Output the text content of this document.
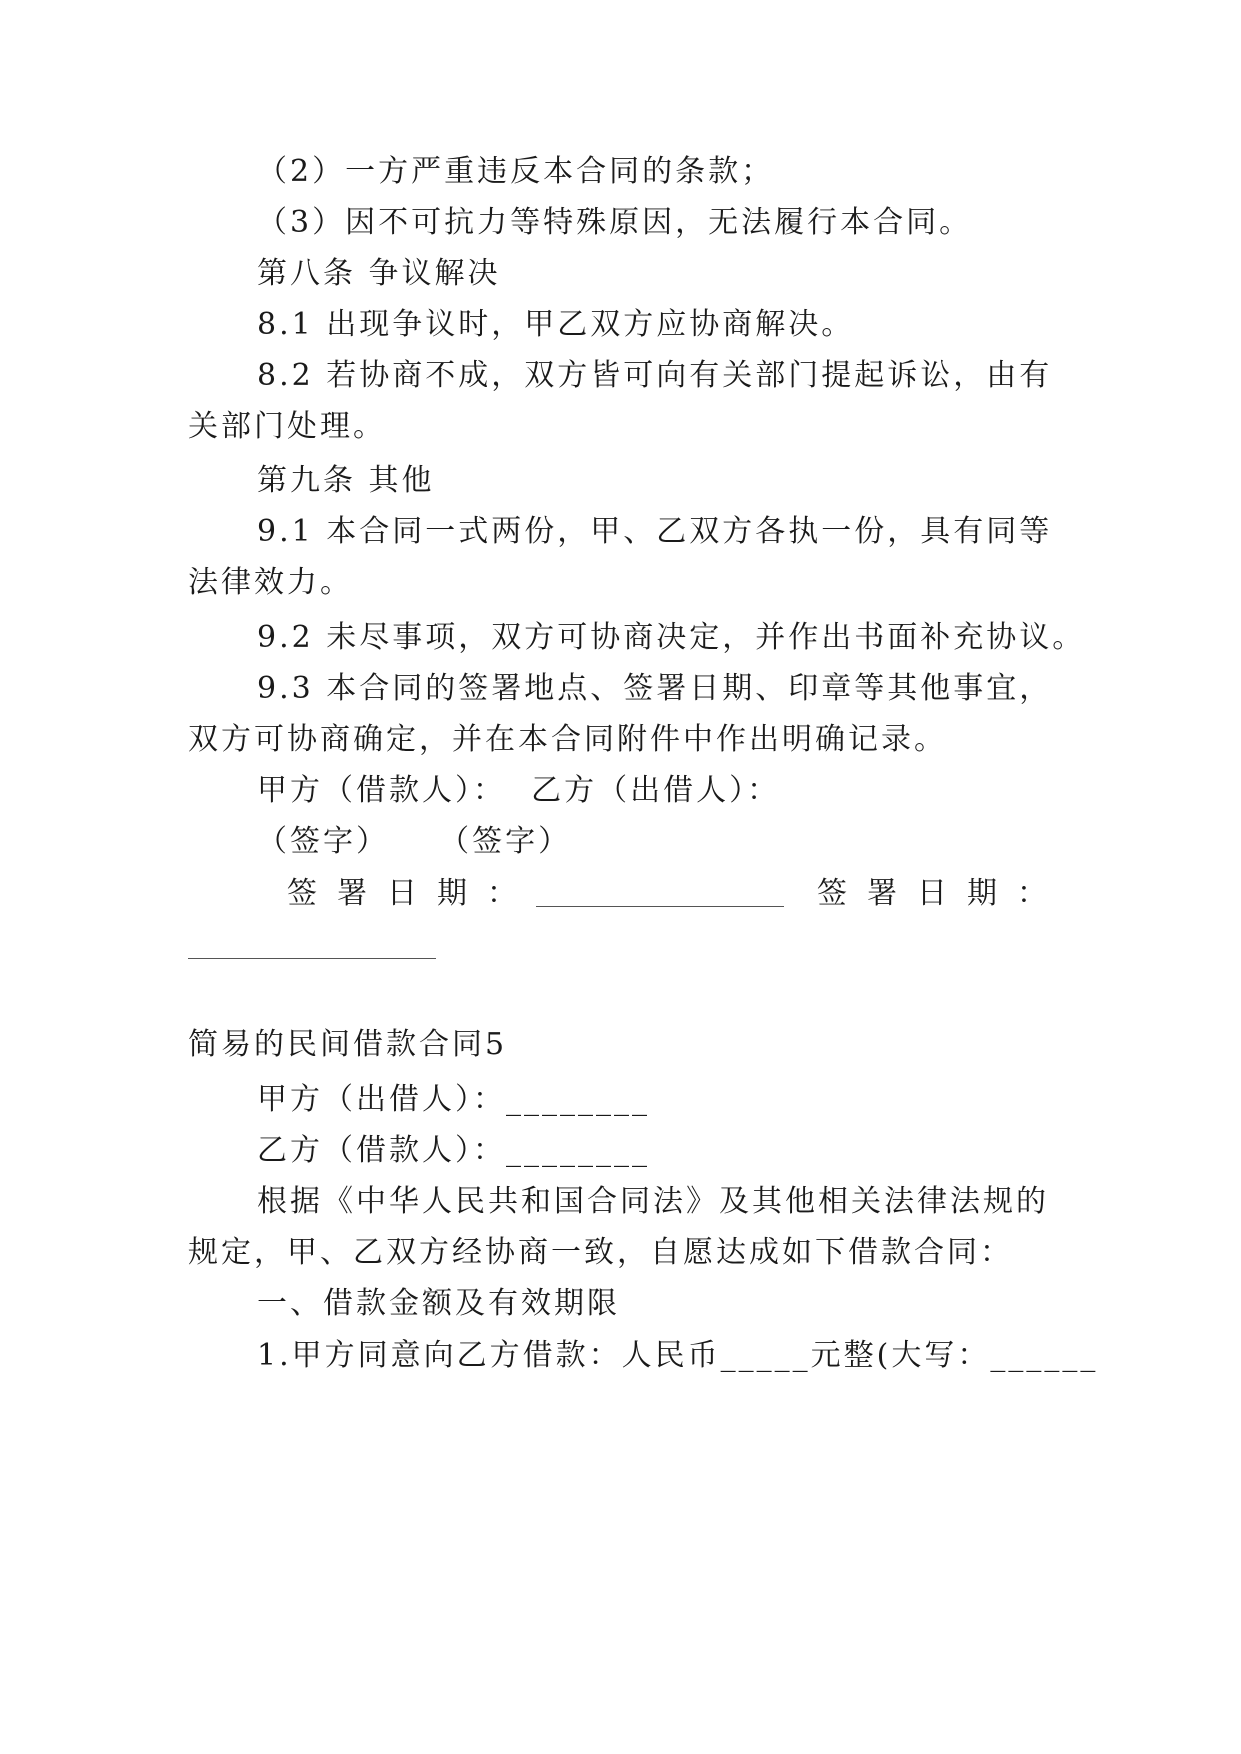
（2）一方严重违反本合同的条款；
（3）因不可抗力等特殊原因，无法履行本合同。
第八条 争议解决
8.1 出现争议时，甲乙双方应协商解决。
8.2 若协商不成，双方皆可向有关部门提起诉讼，由有
关部门处理。
第九条 其他
9.1 本合同一式两份，甲、乙双方各执一份，具有同等
法律效力。
9.2 未尽事项，双方可协商决定，并作出书面补充协议。
9.3 本合同的签署地点、签署日期、印章等其他事宜，
双方可协商确定，并在本合同附件中作出明确记录。
甲方（借款人）：  乙方（出借人）：
（签字）    （签字）
签署日期：	签署日期：
简易的民间借款合同5
甲方（出借人）：________
乙方（借款人）：________
根据《中华人民共和国合同法》及其他相关法律法规的
规定，甲、乙双方经协商一致，自愿达成如下借款合同：
一、借款金额及有效期限
1.甲方同意向乙方借款：人民币_____元整(大写：______
